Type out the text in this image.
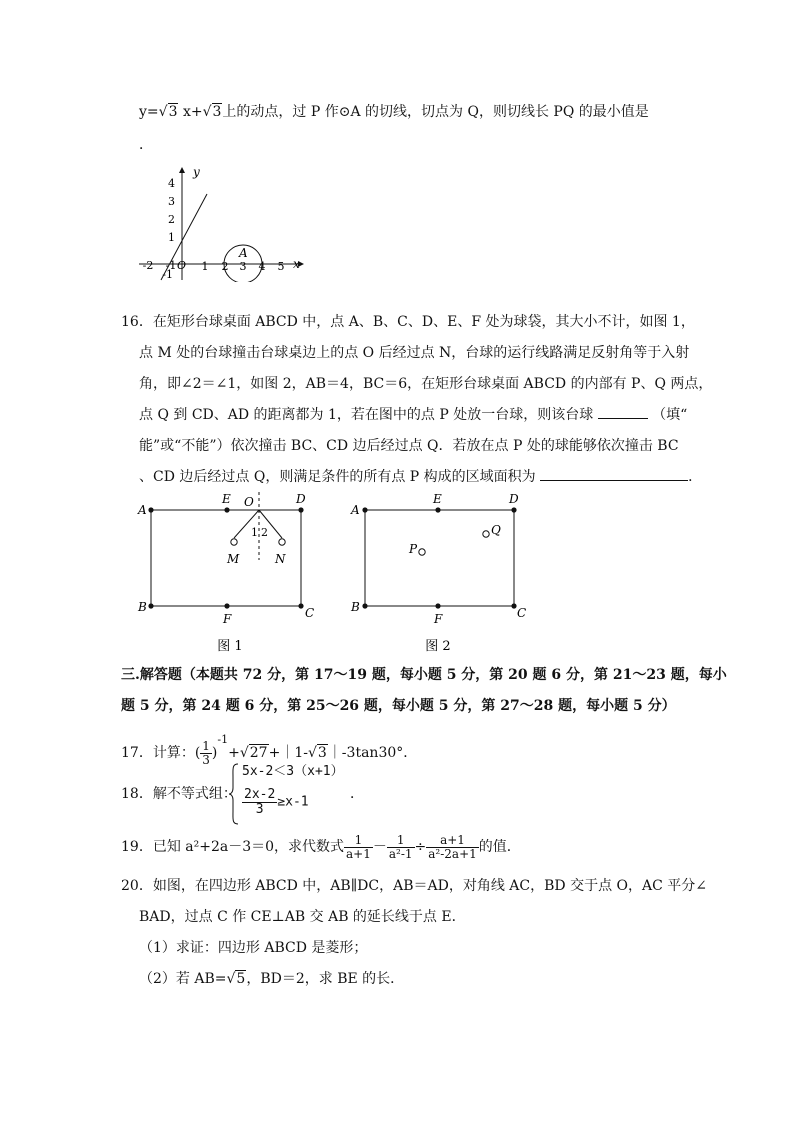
y=√3 x+√3上的动点，过 P 作⊙A 的切线，切点为 Q，则切线长 PQ 的最小值是
．
y
x
4
3
2
1
-1
-2 -1 O 1 2 3 4 5
A
16．在矩形台球桌面 ABCD 中，点 A、B、C、D、E、F 处为球袋，其大小不计，如图 1，
点 M 处的台球撞击台球桌边上的点 O 后经过点 N，台球的运行线路满足反射角等于入射
角，即∠2＝∠1，如图 2，AB＝4，BC＝6，在矩形台球桌面 ABCD 的内部有 P、Q 两点，
点 Q 到 CD、AD 的距离都为 1，若在图中的点 P 处放一台球，则该台球	（填“
能”或“不能”）依次撞击 BC、CD 边后经过点 Q．若放在点 P 处的球能够依次撞击 BC
、CD 边后经过点 Q，则满足条件的所有点 P 构成的区域面积为	．
A
B	C
D
E
F
O
M	N
1 2
图 1
A
B	C
D
E
F
P
Q
图 2
三.解答题（本题共 72 分，第 17～19 题，每小题 5 分，第 20 题 6 分，第 21～23 题，每小
题 5 分，第 24 题 6 分，第 25～26 题，每小题 5 分，第 27～28 题，每小题 5 分）
17．计算：( $\frac{1}{3}$ )$^{-1}$+√27+｜1-√3｜-3tan30°．
18．解不等式组：
5x-2＜3（x+1）
$\frac{2x-2}{3} \ge x-1$
．
19．已知 a²+2a－3＝0，求代数式 $\frac{1}{a+1} - \frac{1}{\text{a²-1}} \div \frac{a+1}{\text{a²-2a+1}}$ 的值．
20．如图，在四边形 ABCD 中，AB∥DC，AB＝AD，对角线 AC，BD 交于点 O，AC 平分∠
BAD，过点 C 作 CE⊥AB 交 AB 的延长线于点 E．
（1）求证：四边形 ABCD 是菱形；
（2）若 AB=√5，BD＝2，求 BE 的长．
